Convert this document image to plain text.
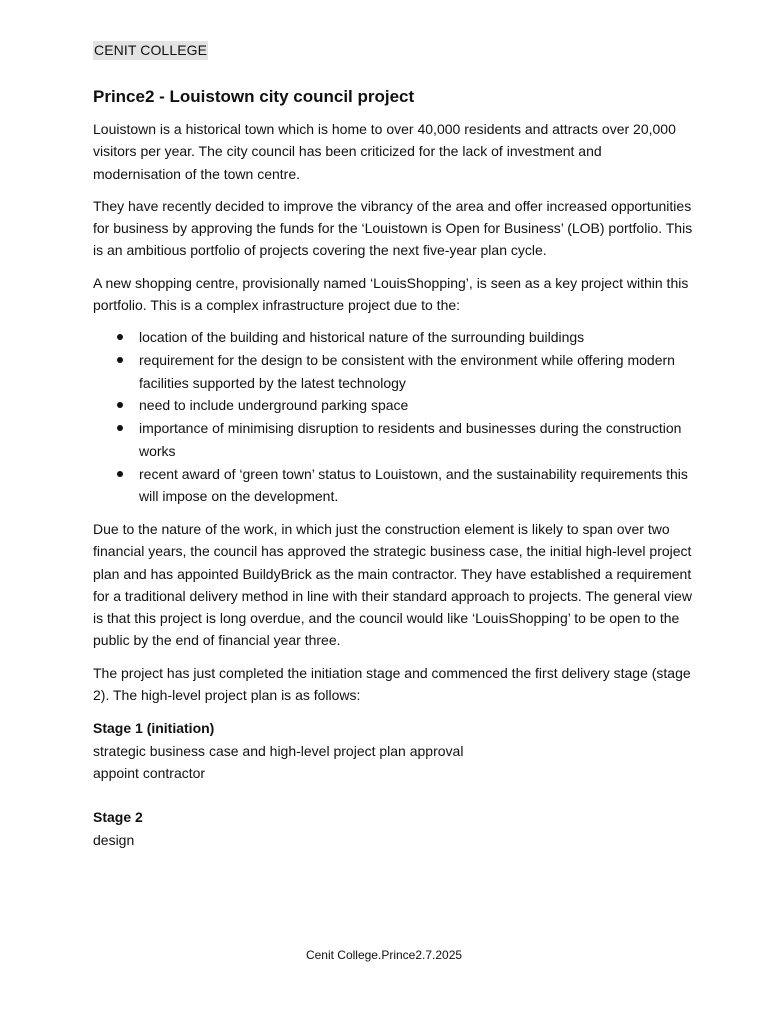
CENIT COLLEGE
Prince2 - Louistown city council project

Louistown is a historical town which is home to over 40,000 residents and attracts over 20,000 visitors per year. The city council has been criticized for the lack of investment and modernisation of the town centre.

They have recently decided to improve the vibrancy of the area and offer increased opportunities for business by approving the funds for the ‘Louistown is Open for Business’ (LOB) portfolio. This is an ambitious portfolio of projects covering the next five-year plan cycle.

A new shopping centre, provisionally named ‘LouisShopping’, is seen as a key project within this portfolio. This is a complex infrastructure project due to the:

location of the building and historical nature of the surrounding buildings
requirement for the design to be consistent with the environment while offering modern facilities supported by the latest technology
need to include underground parking space
importance of minimising disruption to residents and businesses during the construction works
recent award of ‘green town’ status to Louistown, and the sustainability requirements this will impose on the development.

Due to the nature of the work, in which just the construction element is likely to span over two financial years, the council has approved the strategic business case, the initial high-level project plan and has appointed BuildyBrick as the main contractor. They have established a requirement for a traditional delivery method in line with their standard approach to projects. The general view is that this project is long overdue, and the council would like ‘LouisShopping’ to be open to the public by the end of financial year three.

The project has just completed the initiation stage and commenced the first delivery stage (stage 2). The high-level project plan is as follows:

Stage 1 (initiation)
strategic business case and high-level project plan approval
appoint contractor
Stage 2
design
Cenit College.Prince2.7.2025
